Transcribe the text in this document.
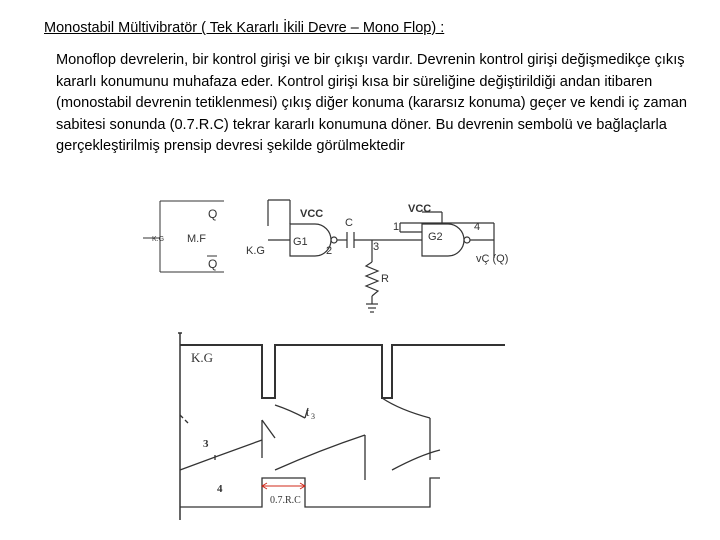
Monostabil Mültivibratör ( Tek Kararlı İkili Devre – Mono Flop) :

Monoflop devrelerin, bir kontrol girişi ve bir çıkışı vardır. Devrenin kontrol girişi değişmedikçe çıkış kararlı konumunu muhafaza eder. Kontrol girişi kısa bir süreliğine değiştirildiği andan itibaren (monostabil devrenin tetiklenmesi) çıkış diğer konuma (kararsız konuma) geçer ve kendi iç zaman sabitesi sonunda (0.7.R.C) tekrar kararlı konumuna döner. Bu devrenin sembolü ve bağlaçlarla gerçekleştirilmiş prensip devresi şekilde görülmektedir

Q
Q
K.G M.F
VCC	VCC
C
G1	G2
1
2	3
4
K.G
R
vÇ (Q)
K.G
3
4
t 3
0.7.R.C
